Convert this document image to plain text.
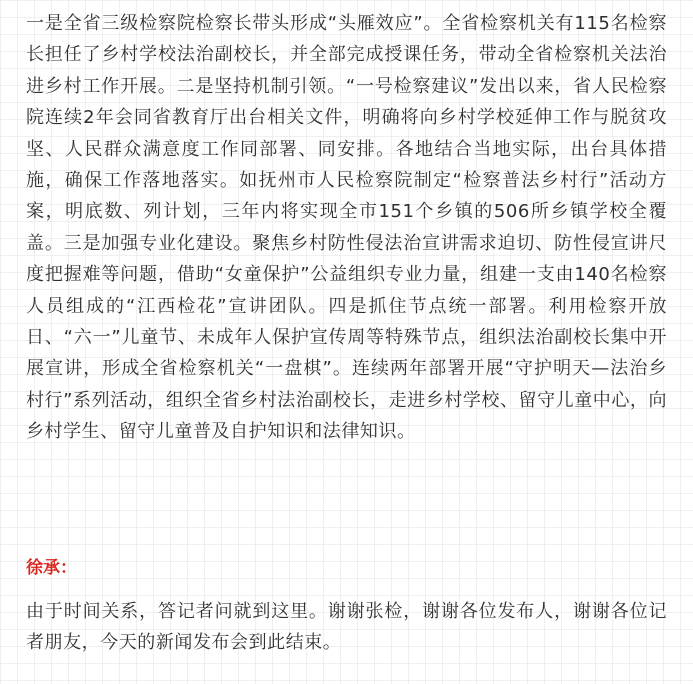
一是全省三级检察院检察长带头形成“头雁效应”。全省检察机关有115名检察长担任了乡村学校法治副校长，并全部完成授课任务，带动全省检察机关法治进乡村工作开展。二是坚持机制引领。“一号检察建议”发出以来，省人民检察院连续2年会同省教育厅出台相关文件，明确将向乡村学校延伸工作与脱贫攻坚、人民群众满意度工作同部署、同安排。各地结合当地实际，出台具体措施，确保工作落地落实。如抚州市人民检察院制定“检察普法乡村行”活动方案，明底数、列计划，三年内将实现全市151个乡镇的506所乡镇学校全覆盖。三是加强专业化建设。聚焦乡村防性侵法治宣讲需求迫切、防性侵宣讲尺度把握难等问题，借助“女童保护”公益组织专业力量，组建一支由140名检察人员组成的“江西检花”宣讲团队。四是抓住节点统一部署。利用检察开放日、“六一”儿童节、未成年人保护宣传周等特殊节点，组织法治副校长集中开展宣讲，形成全省检察机关“一盘棋”。连续两年部署开展“守护明天—法治乡村行”系列活动，组织全省乡村法治副校长，走进乡村学校、留守儿童中心，向乡村学生、留守儿童普及自护知识和法律知识。

徐承：

由于时间关系，答记者问就到这里。谢谢张检，谢谢各位发布人，谢谢各位记者朋友，今天的新闻发布会到此结束。
